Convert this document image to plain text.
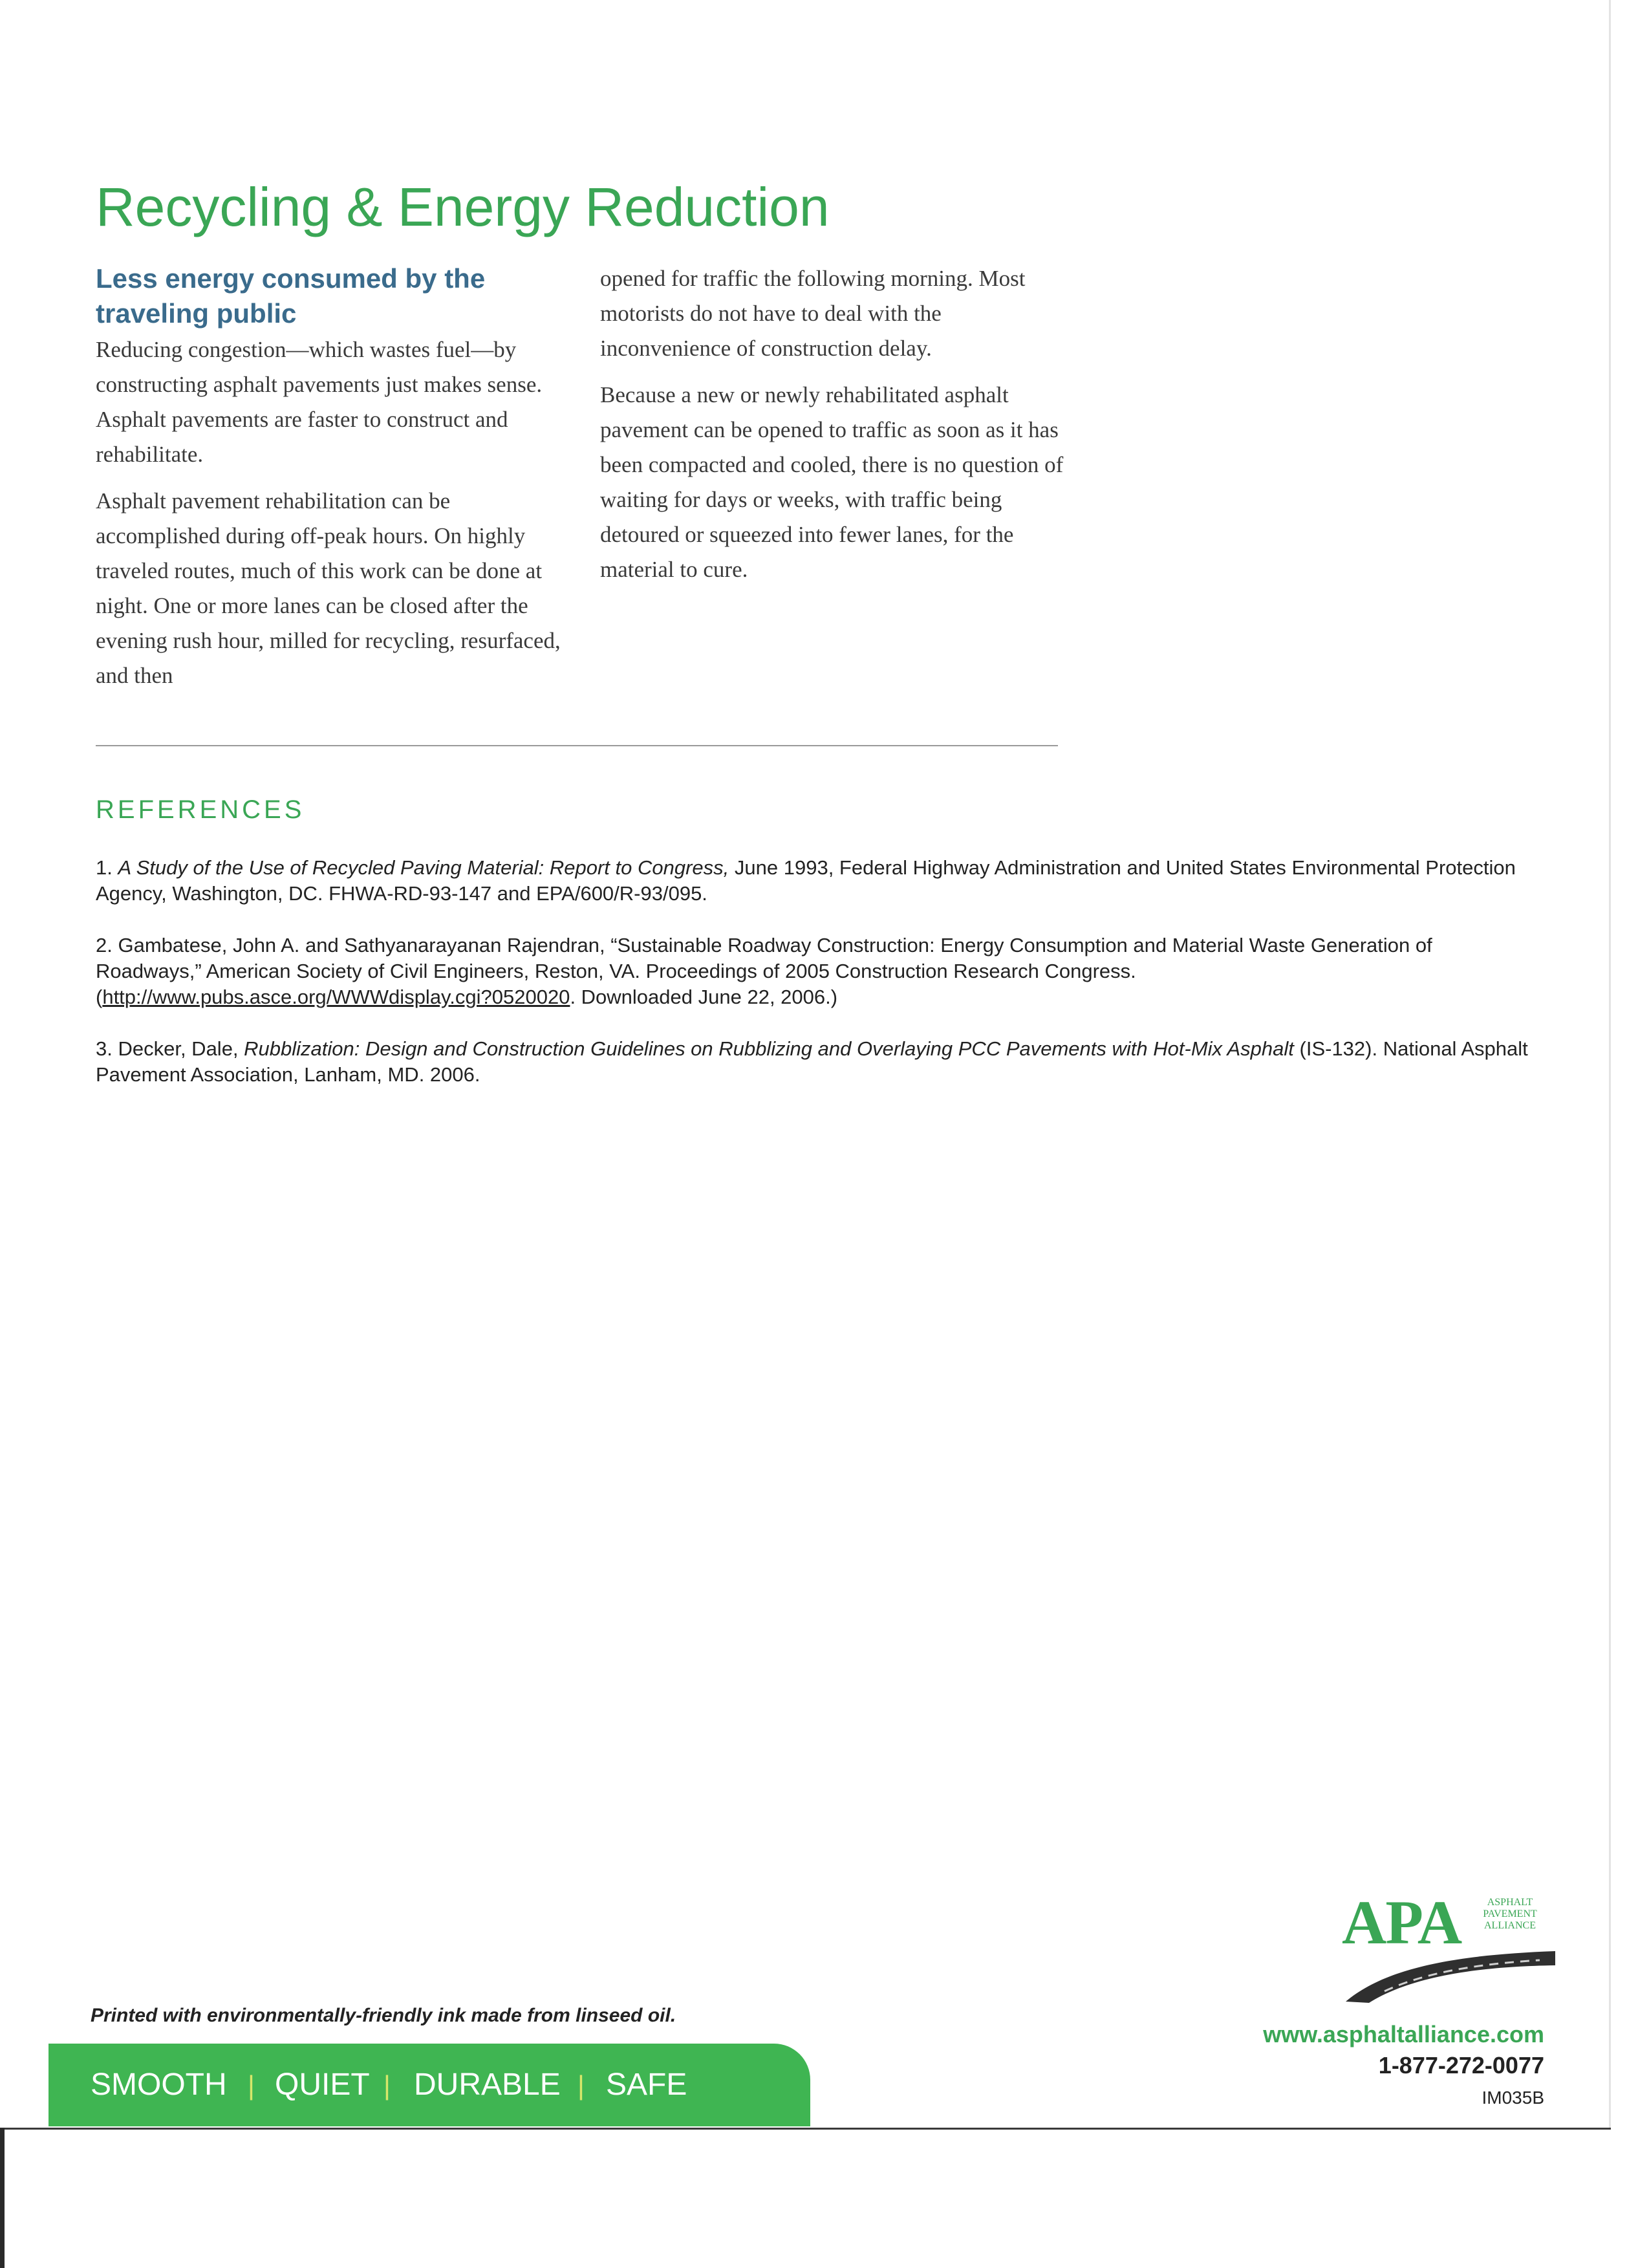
Recycling & Energy Reduction
Less energy consumed by the traveling public

Reducing congestion—which wastes fuel—by constructing asphalt pavements just makes sense. Asphalt pavements are faster to construct and rehabilitate.

Asphalt pavement rehabilitation can be accomplished during off-peak hours. On highly traveled routes, much of this work can be done at night. One or more lanes can be closed after the evening rush hour, milled for recycling, resurfaced, and then

opened for traffic the following morning. Most motorists do not have to deal with the inconvenience of construction delay.

Because a new or newly rehabilitated asphalt pavement can be opened to traffic as soon as it has been compacted and cooled, there is no question of waiting for days or weeks, with traffic being detoured or squeezed into fewer lanes, for the material to cure.

REFERENCES

1. A Study of the Use of Recycled Paving Material: Report to Congress, June 1993, Federal Highway Administration and United States Environmental Protection Agency, Washington, DC. FHWA-RD-93-147 and EPA/600/R-93/095.

2. Gambatese, John A. and Sathyanarayanan Rajendran, “Sustainable Roadway Construction: Energy Consumption and Material Waste Generation of Roadways,” American Society of Civil Engineers, Reston, VA. Proceedings of 2005 Construction Research Congress. (http://www.pubs.asce.org/WWWdisplay.cgi?0520020. Downloaded June 22, 2006.)

3. Decker, Dale, Rubblization: Design and Construction Guidelines on Rubblizing and Overlaying PCC Pavements with Hot-Mix Asphalt (IS-132). National Asphalt Pavement Association, Lanham, MD. 2006.

Printed with environmentally-friendly ink made from linseed oil.

SMOOTH | QUIET | DURABLE | SAFE
APA	ASPHALT
PAVEMENT
ALLIANCE

www.asphaltalliance.com

1-877-272-0077

IM035B
